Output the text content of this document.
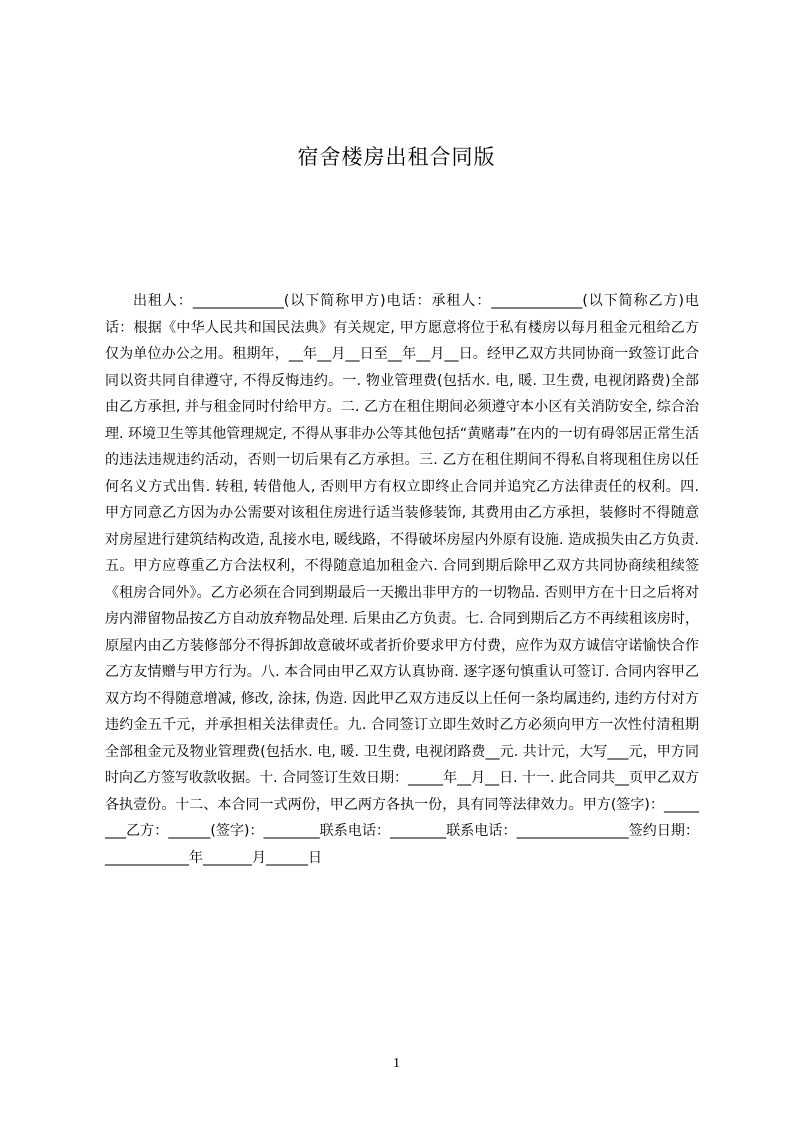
宿舍楼房出租合同版

出租人：_____________(以下简称甲方)电话：承租人：_____________(以下简称乙方)电话：根据《中华人民共和国民法典》有关规定, 甲方愿意将位于私有楼房以每月租金元租给乙方仅为单位办公之用。租期年，__年__月__日至__年__月__日。经甲乙双方共同协商一致签订此合同以资共同自律遵守, 不得反悔违约。一. 物业管理费(包括水. 电, 暖. 卫生费, 电视闭路费)全部由乙方承担, 并与租金同时付给甲方。二. 乙方在租住期间必须遵守本小区有关消防安全, 综合治理. 环境卫生等其他管理规定, 不得从事非办公等其他包括“黄赌毒”在内的一切有碍邻居正常生活的违法违规违约活动，否则一切后果有乙方承担。三. 乙方在租住期间不得私自将现租住房以任何名义方式出售. 转租, 转借他人, 否则甲方有权立即终止合同并追究乙方法律责任的权利。四. 甲方同意乙方因为办公需要对该租住房进行适当装修装饰, 其费用由乙方承担，装修时不得随意对房屋进行建筑结构改造, 乱接水电, 暖线路，不得破坏房屋内外原有设施. 造成损失由乙方负责. 五。甲方应尊重乙方合法权利，不得随意追加租金六. 合同到期后除甲乙双方共同协商续租续签《租房合同外》。乙方必须在合同到期最后一天搬出非甲方的一切物品. 否则甲方在十日之后将对房内滞留物品按乙方自动放弃物品处理. 后果由乙方负责。七. 合同到期后乙方不再续租该房时，原屋内由乙方装修部分不得拆卸故意破坏或者折价要求甲方付费，应作为双方诚信守诺愉快合作乙方友情赠与甲方行为。八. 本合同由甲乙双方认真协商. 逐字逐句慎重认可签订. 合同内容甲乙双方均不得随意增减, 修改, 涂抹, 伪造. 因此甲乙双方违反以上任何一条均属违约, 违约方付对方违约金五千元，并承担相关法律责任。九. 合同签订立即生效时乙方必须向甲方一次性付清租期全部租金元及物业管理费(包括水. 电, 暖. 卫生费, 电视闭路费__元. 共计元，大写___元，甲方同时向乙方签写收款收据。十. 合同签订生效日期：_____年__月__日. 十一. 此合同共__页甲乙双方各执壹份。十二、本合同一式两份，甲乙两方各执一份，具有同等法律效力。甲方(签字)：________乙方：______(签字)：________联系电话：________联系电话：________________签约日期：____________年_______月______日

1
